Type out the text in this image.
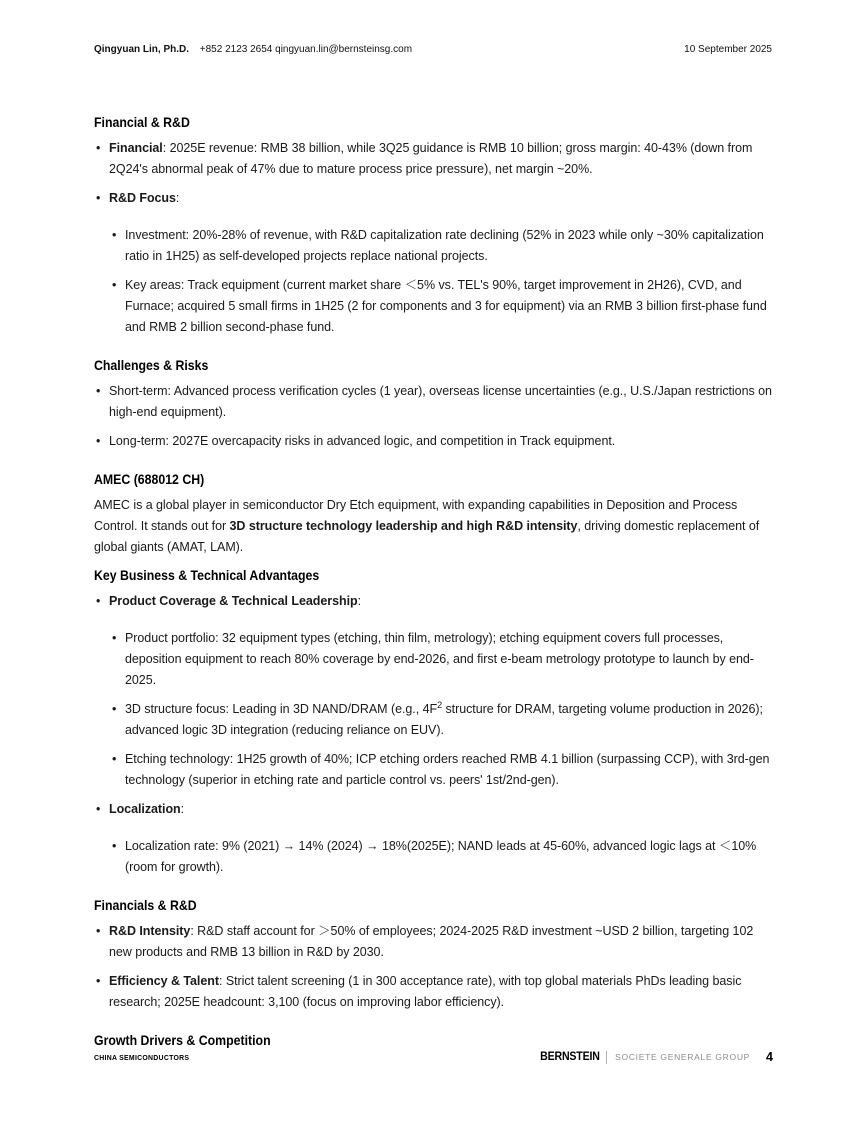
Qingyuan Lin, Ph.D. +852 2123 2654 qingyuan.lin@bernsteinsg.com	10 September 2025
Financial & R&D
• Financial: 2025E revenue: RMB 38 billion, while 3Q25 guidance is RMB 10 billion; gross margin: 40-43% (down from 2Q24's abnormal peak of 47% due to mature process price pressure), net margin ~20%.
• R&D Focus:
• Investment: 20%-28% of revenue, with R&D capitalization rate declining (52% in 2023 while only ~30% capitalization ratio in 1H25) as self-developed projects replace national projects.
• Key areas: Track equipment (current market share ＜5% vs. TEL's 90%, target improvement in 2H26), CVD, and Furnace; acquired 5 small firms in 1H25 (2 for components and 3 for equipment) via an RMB 3 billion first-phase fund and RMB 2 billion second-phase fund.
Challenges & Risks
• Short-term: Advanced process verification cycles (1 year), overseas license uncertainties (e.g., U.S./Japan restrictions on high-end equipment).
• Long-term: 2027E overcapacity risks in advanced logic, and competition in Track equipment.
AMEC (688012 CH)
AMEC is a global player in semiconductor Dry Etch equipment, with expanding capabilities in Deposition and Process Control. It stands out for 3D structure technology leadership and high R&D intensity, driving domestic replacement of global giants (AMAT, LAM).
Key Business & Technical Advantages
• Product Coverage & Technical Leadership:
• Product portfolio: 32 equipment types (etching, thin film, metrology); etching equipment covers full processes, deposition equipment to reach 80% coverage by end-2026, and first e-beam metrology prototype to launch by end-2025.
• 3D structure focus: Leading in 3D NAND/DRAM (e.g., $4F^2$ structure for DRAM, targeting volume production in 2026); advanced logic 3D integration (reducing reliance on EUV).
• Etching technology: 1H25 growth of 40%; ICP etching orders reached RMB 4.1 billion (surpassing CCP), with 3rd-gen technology (superior in etching rate and particle control vs. peers' 1st/2nd-gen).
• Localization:
• Localization rate: 9% (2021) → 14% (2024) → 18%(2025E); NAND leads at 45-60%, advanced logic lags at ＜10% (room for growth).
Financials & R&D
• R&D Intensity: R&D staff account for ＞50% of employees; 2024-2025 R&D investment ~USD 2 billion, targeting 102 new products and RMB 13 billion in R&D by 2030.
• Efficiency & Talent: Strict talent screening (1 in 300 acceptance rate), with top global materials PhDs leading basic research; 2025E headcount: 3,100 (focus on improving labor efficiency).
Growth Drivers & Competition
CHINA SEMICONDUCTORS	BERNSTEIN SOCIETE GENERALE GROUP 4
